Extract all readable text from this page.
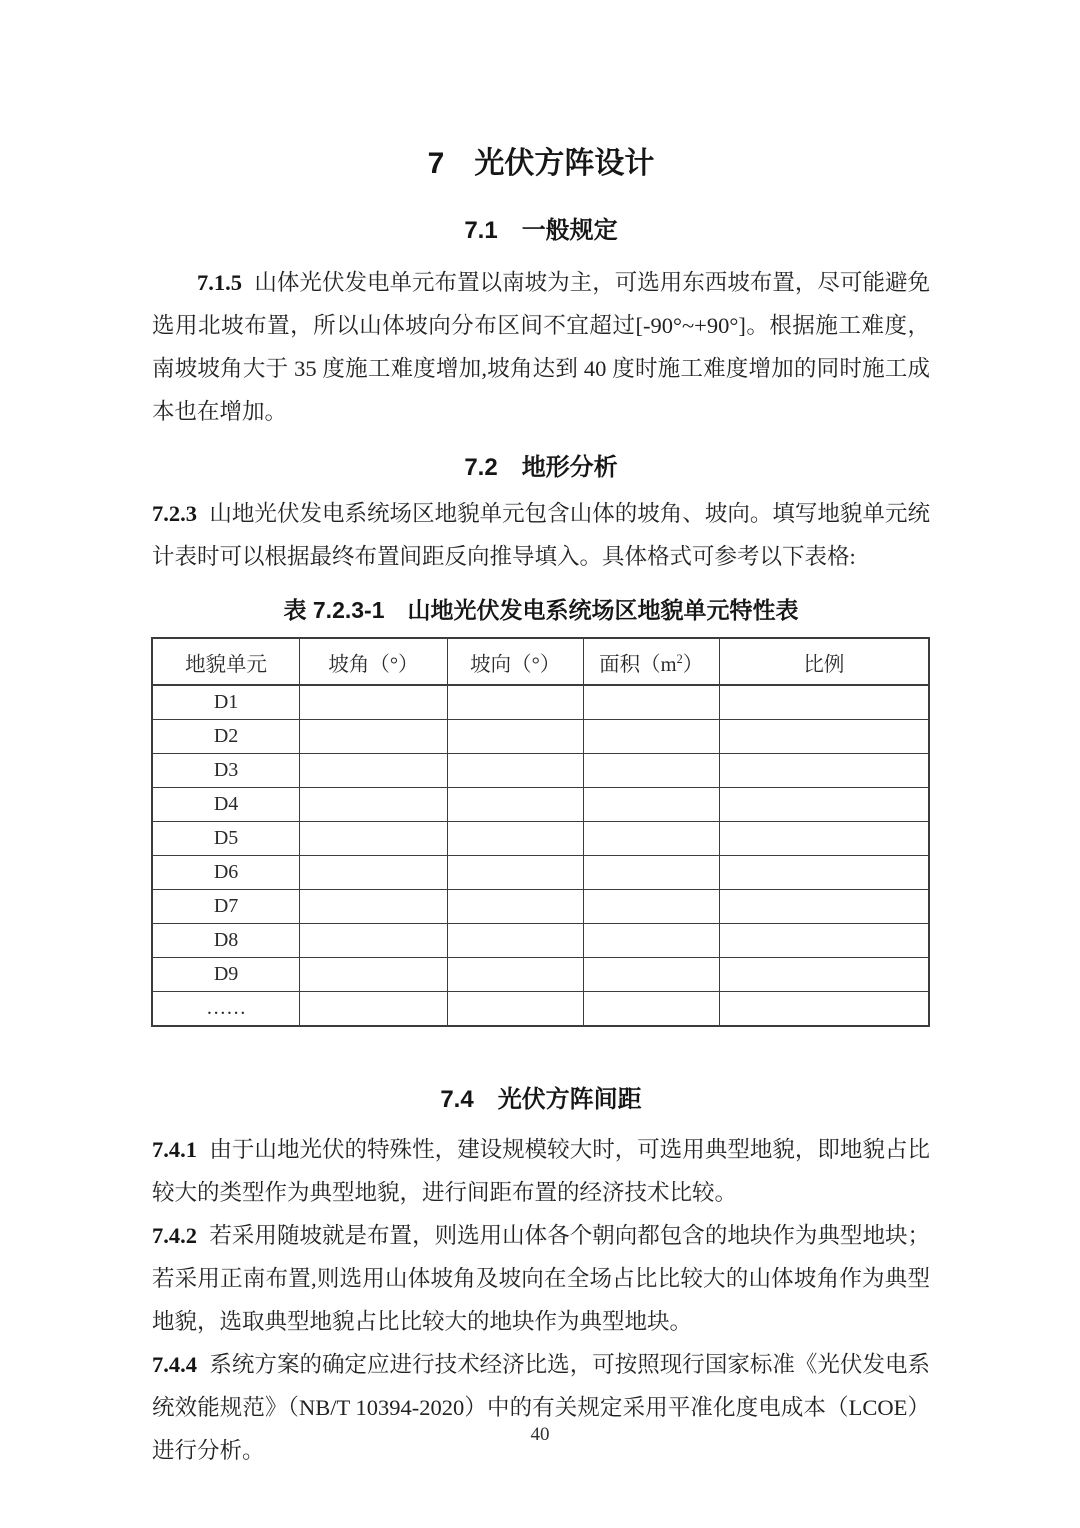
7 光伏方阵设计
7.1 一般规定

7.1.5 山体光伏发电单元布置以南坡为主，可选用东西坡布置，尽可能避免选用北坡布置，所以山体坡向分布区间不宜超过[-90°~+90°]。根据施工难度，南坡坡角大于 35 度施工难度增加,坡角达到 40 度时施工难度增加的同时施工成本也在增加。

7.2 地形分析

7.2.3 山地光伏发电系统场区地貌单元包含山体的坡角、坡向。填写地貌单元统计表时可以根据最终布置间距反向推导填入。具体格式可参考以下表格:

表 7.2.3-1　山地光伏发电系统场区地貌单元特性表
地貌单元	坡角（°）	坡向（°）	面积$(m^2)$	比例
D1				
D2				
D3				
D4				
D5				
D6				
D7				
D8				
D9				
……				
7.4 光伏方阵间距

7.4.1 由于山地光伏的特殊性，建设规模较大时，可选用典型地貌，即地貌占比较大的类型作为典型地貌，进行间距布置的经济技术比较。

7.4.2 若采用随坡就是布置，则选用山体各个朝向都包含的地块作为典型地块；若采用正南布置,则选用山体坡角及坡向在全场占比比较大的山体坡角作为典型地貌，选取典型地貌占比比较大的地块作为典型地块。

7.4.4 系统方案的确定应进行技术经济比选，可按照现行国家标准《光伏发电系统效能规范》（NB/T 10394-2020）中的有关规定采用平准化度电成本（LCOE）进行分析。

40
